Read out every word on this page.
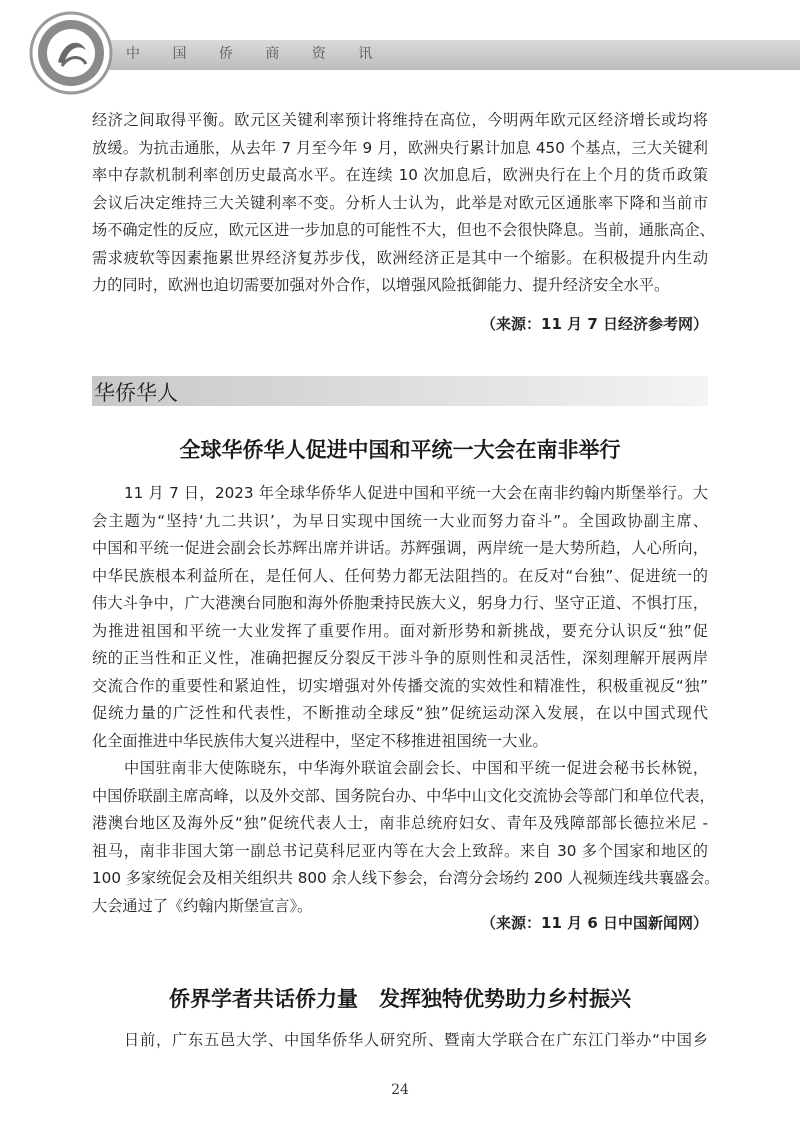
中 国 侨 商 资 讯
经济之间取得平衡。欧元区关键利率预计将维持在高位，今明两年欧元区经济增长或均将
放缓。为抗击通胀，从去年 7 月至今年 9 月，欧洲央行累计加息 450 个基点，三大关键利
率中存款机制利率创历史最高水平。在连续 10 次加息后，欧洲央行在上个月的货币政策
会议后决定维持三大关键利率不变。分析人士认为，此举是对欧元区通胀率下降和当前市
场不确定性的反应，欧元区进一步加息的可能性不大，但也不会很快降息。当前，通胀高企、
需求疲软等因素拖累世界经济复苏步伐，欧洲经济正是其中一个缩影。在积极提升内生动
力的同时，欧洲也迫切需要加强对外合作，以增强风险抵御能力、提升经济安全水平。
（来源：11 月 7 日经济参考网）
华侨华人
全球华侨华人促进中国和平统一大会在南非举行
11 月 7 日，2023 年全球华侨华人促进中国和平统一大会在南非约翰内斯堡举行。大
会主题为“坚持‘九二共识’，为早日实现中国统一大业而努力奋斗”。全国政协副主席、
中国和平统一促进会副会长苏辉出席并讲话。苏辉强调，两岸统一是大势所趋，人心所向，
中华民族根本利益所在，是任何人、任何势力都无法阻挡的。在反对“台独”、促进统一的
伟大斗争中，广大港澳台同胞和海外侨胞秉持民族大义，躬身力行、坚守正道、不惧打压，
为推进祖国和平统一大业发挥了重要作用。面对新形势和新挑战，要充分认识反“独”促
统的正当性和正义性，准确把握反分裂反干涉斗争的原则性和灵活性，深刻理解开展两岸
交流合作的重要性和紧迫性，切实增强对外传播交流的实效性和精准性，积极重视反“独”
促统力量的广泛性和代表性，不断推动全球反“独”促统运动深入发展，在以中国式现代
化全面推进中华民族伟大复兴进程中，坚定不移推进祖国统一大业。
中国驻南非大使陈晓东，中华海外联谊会副会长、中国和平统一促进会秘书长林锐，
中国侨联副主席高峰，以及外交部、国务院台办、中华中山文化交流协会等部门和单位代表，
港澳台地区及海外反“独”促统代表人士，南非总统府妇女、青年及残障部部长德拉米尼 -
祖马，南非非国大第一副总书记莫科尼亚内等在大会上致辞。来自 30 多个国家和地区的
100 多家统促会及相关组织共 800 余人线下参会，台湾分会场约 200 人视频连线共襄盛会。
大会通过了《约翰内斯堡宣言》。
（来源：11 月 6 日中国新闻网）
侨界学者共话侨力量　发挥独特优势助力乡村振兴
日前，广东五邑大学、中国华侨华人研究所、暨南大学联合在广东江门举办“中国乡
24
